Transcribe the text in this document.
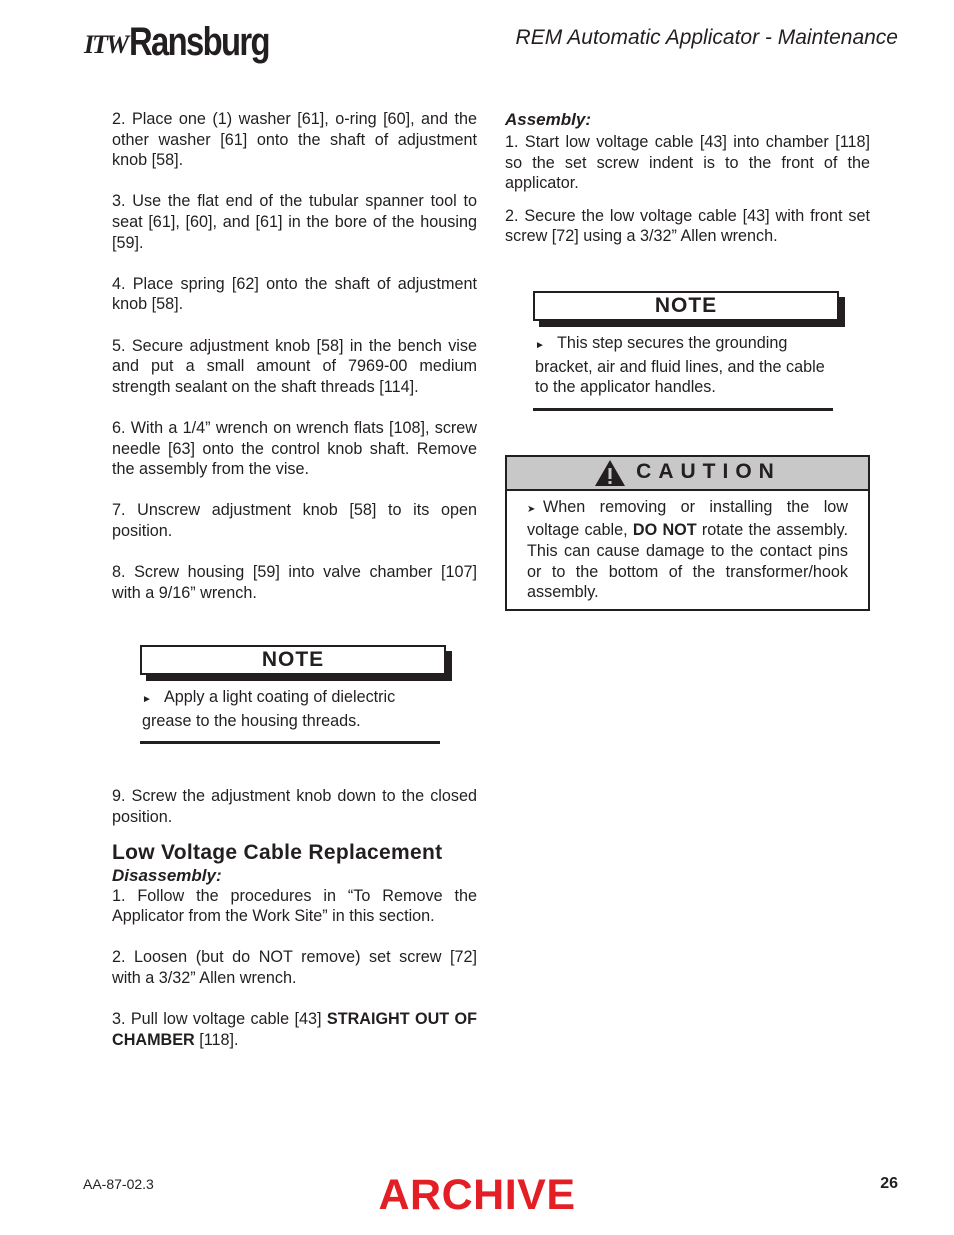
ITW Ransburg	REM Automatic Applicator - Maintenance

2. Place one (1) washer [61], o-ring [60], and the other washer [61] onto the shaft of adjustment knob [58].

3. Use the flat end of the tubular spanner tool to seat [61], [60], and [61] in the bore of the housing [59].

4. Place spring [62] onto the shaft of adjustment knob [58].

5. Secure adjustment knob [58] in the bench vise and put a small amount of 7969-00 medium strength sealant on the shaft threads [114].

6. With a 1/4” wrench on wrench flats [108], screw needle [63] onto the control knob shaft. Remove the assembly from the vise.

7. Unscrew adjustment knob [58] to its open position.

8. Screw housing [59] into valve chamber [107] with a 9/16” wrench.

NOTE
► Apply a light coating of dielectric grease to the housing threads.

9. Screw the adjustment knob down to the closed position.

Low Voltage Cable Replacement
Disassembly:

1. Follow the procedures in “To Remove the Applicator from the Work Site” in this section.

2. Loosen (but do NOT remove) set screw [72] with a 3/32” Allen wrench.

3. Pull low voltage cable [43] STRAIGHT OUT OF CHAMBER [118].

Assembly:

1. Start low voltage cable [43] into chamber [118] so the set screw indent is to the front of the applicator.

2. Secure the low voltage cable [43] with front set screw [72] using a 3/32” Allen wrench.

NOTE
► This step secures the grounding bracket, air and fluid lines, and the cable to the applicator handles.
CAUTION
➤ When removing or installing the low voltage cable, DO NOT rotate the assembly. This can cause damage to the contact pins or to the bottom of the transformer/hook assembly.
AA-87-02.3	ARCHIVE	26
